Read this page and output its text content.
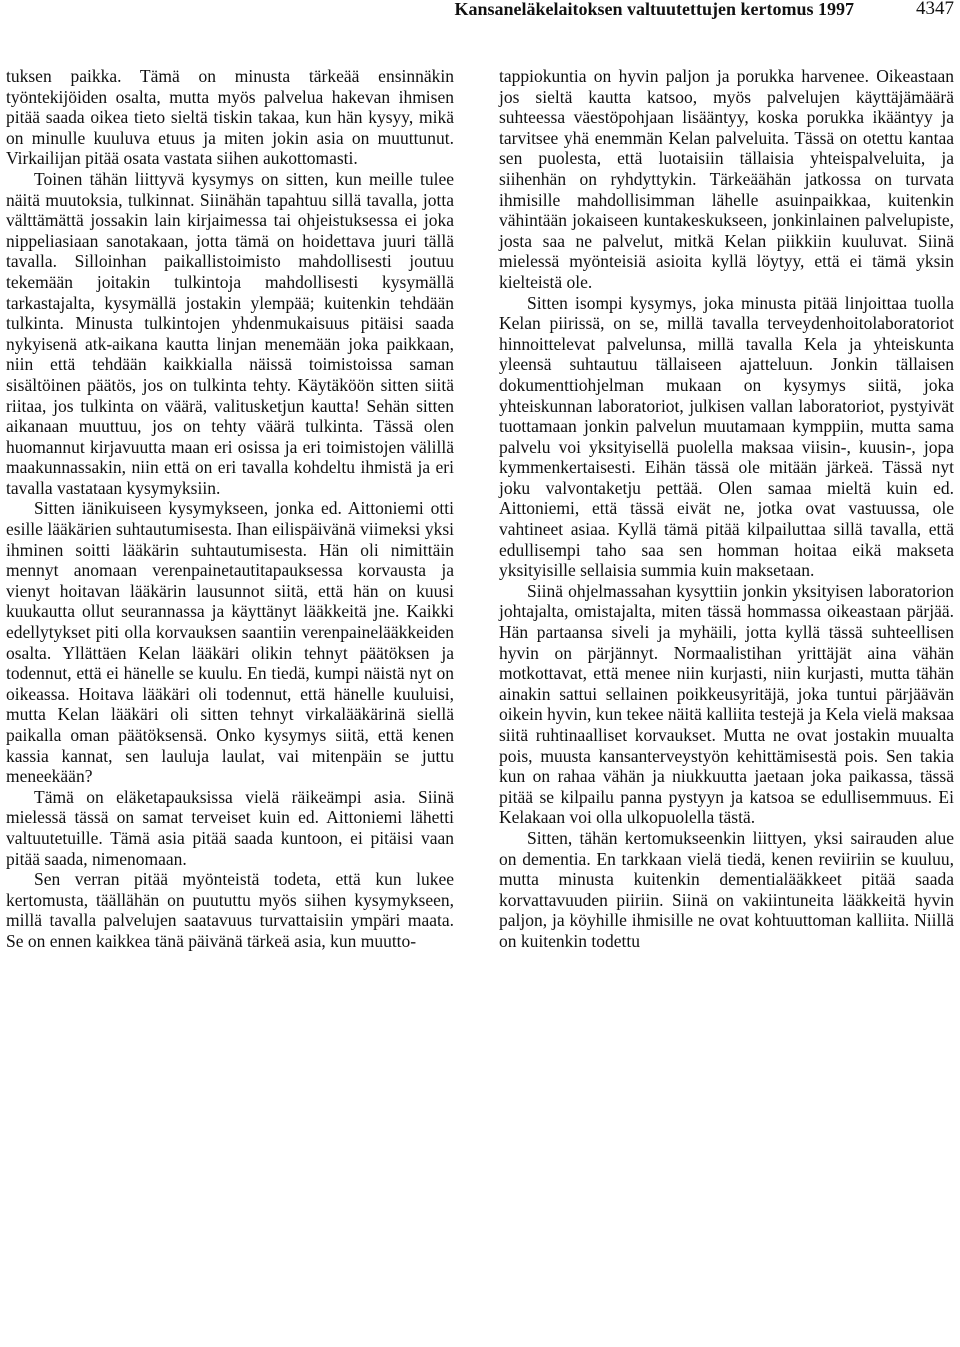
Kansaneläkelaitoksen valtuutettujen kertomus 1997	4347

tuksen paikka. Tämä on minusta tärkeää ensinnäkin työntekijöiden osalta, mutta myös palvelua hakevan ihmisen pitää saada oikea tieto sieltä tiskin takaa, kun hän kysyy, mikä on minulle kuuluva etuus ja miten jokin asia on muuttunut. Virkailijan pitää osata vastata siihen aukottomasti.

Toinen tähän liittyvä kysymys on sitten, kun meille tulee näitä muutoksia, tulkinnat. Siinähän tapahtuu sillä tavalla, jotta välttämättä jossakin lain kirjaimessa tai ohjeistuksessa ei joka nippeliasiaan sanotakaan, jotta tämä on hoidettava juuri tällä tavalla. Silloinhan paikallistoimisto mahdollisesti joutuu tekemään joitakin tulkintoja mahdollisesti kysymällä tarkastajalta, kysymällä jostakin ylempää; kuitenkin tehdään tulkinta. Minusta tulkintojen yhdenmukaisuus pitäisi saada nykyisenä atk-aikana kautta linjan menemään joka paikkaan, niin että tehdään kaikkialla näissä toimistoissa saman sisältöinen päätös, jos on tulkinta tehty. Käytäköön sitten siitä riitaa, jos tulkinta on väärä, valitusketjun kautta! Sehän sitten aikanaan muuttuu, jos on tehty väärä tulkinta. Tässä olen huomannut kirjavuutta maan eri osissa ja eri toimistojen välillä maakunnassakin, niin että on eri tavalla kohdeltu ihmistä ja eri tavalla vastataan kysymyksiin.

Sitten iänikuiseen kysymykseen, jonka ed. Aittoniemi otti esille lääkärien suhtautumisesta. Ihan eilispäivänä viimeksi yksi ihminen soitti lääkärin suhtautumisesta. Hän oli nimittäin mennyt anomaan verenpainetautitapauksessa korvausta ja vienyt hoitavan lääkärin lausunnot siitä, että hän on kuusi kuukautta ollut seurannassa ja käyttänyt lääkkeitä jne. Kaikki edellytykset piti olla korvauksen saantiin verenpainelääkkeiden osalta. Yllättäen Kelan lääkäri olikin tehnyt päätöksen ja todennut, että ei hänelle se kuulu. En tiedä, kumpi näistä nyt on oikeassa. Hoitava lääkäri oli todennut, että hänelle kuuluisi, mutta Kelan lääkäri oli sitten tehnyt virkalääkärinä siellä paikalla oman päätöksensä. Onko kysymys siitä, että kenen kassia kannat, sen lauluja laulat, vai mitenpäin se juttu meneekään?

Tämä on eläketapauksissa vielä räikeämpi asia. Siinä mielessä tässä on samat terveiset kuin ed. Aittoniemi lähetti valtuutetuille. Tämä asia pitää saada kuntoon, ei pitäisi vaan pitää saada, nimenomaan.

Sen verran pitää myönteistä todeta, että kun lukee kertomusta, täällähän on puututtu myös siihen kysymykseen, millä tavalla palvelujen saatavuus turvattaisiin ympäri maata. Se on ennen kaikkea tänä päivänä tärkeä asia, kun muutto-

tappiokuntia on hyvin paljon ja porukka harvenee. Oikeastaan jos sieltä kautta katsoo, myös palvelujen käyttäjämäärä suhteessa väestöpohjaan lisääntyy, koska porukka ikääntyy ja tarvitsee yhä enemmän Kelan palveluita. Tässä on otettu kantaa sen puolesta, että luotaisiin tällaisia yhteispalveluita, ja siihenhän on ryhdyttykin. Tärkeäähän jatkossa on turvata ihmisille mahdollisimman lähelle asuinpaikkaa, kuitenkin vähintään jokaiseen kuntakeskukseen, jonkinlainen palvelupiste, josta saa ne palvelut, mitkä Kelan piikkiin kuuluvat. Siinä mielessä myönteisiä asioita kyllä löytyy, että ei tämä yksin kielteistä ole.

Sitten isompi kysymys, joka minusta pitää linjoittaa tuolla Kelan piirissä, on se, millä tavalla terveydenhoitolaboratoriot hinnoittelevat palvelunsa, millä tavalla Kela ja yhteiskunta yleensä suhtautuu tällaiseen ajatteluun. Jonkin tällaisen dokumenttiohjelman mukaan on kysymys siitä, joka yhteiskunnan laboratoriot, julkisen vallan laboratoriot, pystyivät tuottamaan jonkin palvelun muutamaan kymppiin, mutta sama palvelu voi yksityisellä puolella maksaa viisin-, kuusin-, jopa kymmenkertaisesti. Eihän tässä ole mitään järkeä. Tässä nyt joku valvontaketju pettää. Olen samaa mieltä kuin ed. Aittoniemi, että tässä eivät ne, jotka ovat vastuussa, ole vahtineet asiaa. Kyllä tämä pitää kilpailuttaa sillä tavalla, että edullisempi taho saa sen homman hoitaa eikä makseta yksityisille sellaisia summia kuin maksetaan.

Siinä ohjelmassahan kysyttiin jonkin yksityisen laboratorion johtajalta, omistajalta, miten tässä hommassa oikeastaan pärjää. Hän partaansa siveli ja myhäili, jotta kyllä tässä suhteellisen hyvin on pärjännyt. Normaalistihan yrittäjät aina vähän motkottavat, että menee niin kurjasti, niin kurjasti, mutta tähän ainakin sattui sellainen poikkeusyritäjä, joka tuntui pärjäävän oikein hyvin, kun tekee näitä kalliita testejä ja Kela vielä maksaa siitä ruhtinaalliset korvaukset. Mutta ne ovat jostakin muualta pois, muusta kansanterveystyön kehittämisestä pois. Sen takia kun on rahaa vähän ja niukkuutta jaetaan joka paikassa, tässä pitää se kilpailu panna pystyyn ja katsoa se edullisemmuus. Ei Kelakaan voi olla ulkopuolella tästä.

Sitten, tähän kertomukseenkin liittyen, yksi sairauden alue on dementia. En tarkkaan vielä tiedä, kenen reviiriin se kuuluu, mutta minusta kuitenkin dementialääkkeet pitää saada korvattavuuden piiriin. Siinä on vakiintuneita lääkkeitä hyvin paljon, ja köyhille ihmisille ne ovat kohtuuttoman kalliita. Niillä on kuitenkin todettu
